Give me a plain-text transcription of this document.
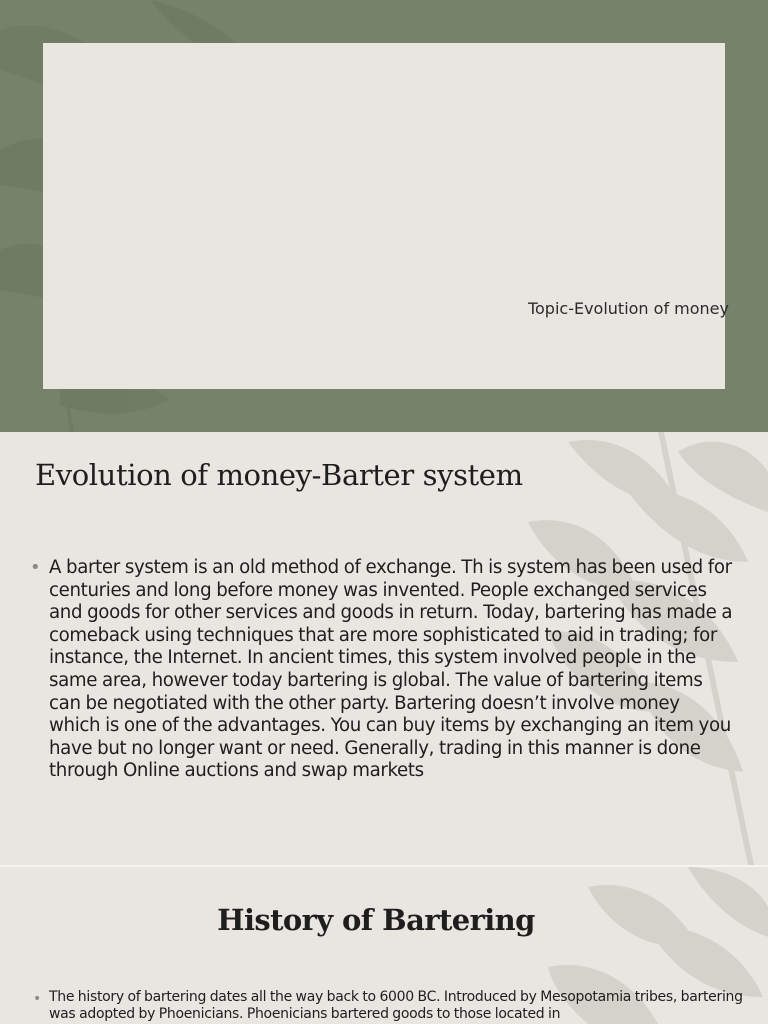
Topic-Evolution of money
Evolution of money-Barter system
• A barter system is an old method of exchange. Th is system has been used for centuries and long before money was invented. People exchanged services and goods for other services and goods in return. Today, bartering has made a comeback using techniques that are more sophisticated to aid in trading; for instance, the Internet. In ancient times, this system involved people in the same area, however today bartering is global. The value of bartering items can be negotiated with the other party. Bartering doesn’t involve money which is one of the advantages. You can buy items by exchanging an item you have but no longer want or need. Generally, trading in this manner is done through Online auctions and swap markets
History of Bartering
• The history of bartering dates all the way back to 6000 BC. Introduced by Mesopotamia tribes, bartering was adopted by Phoenicians. Phoenicians bartered goods to those located in
